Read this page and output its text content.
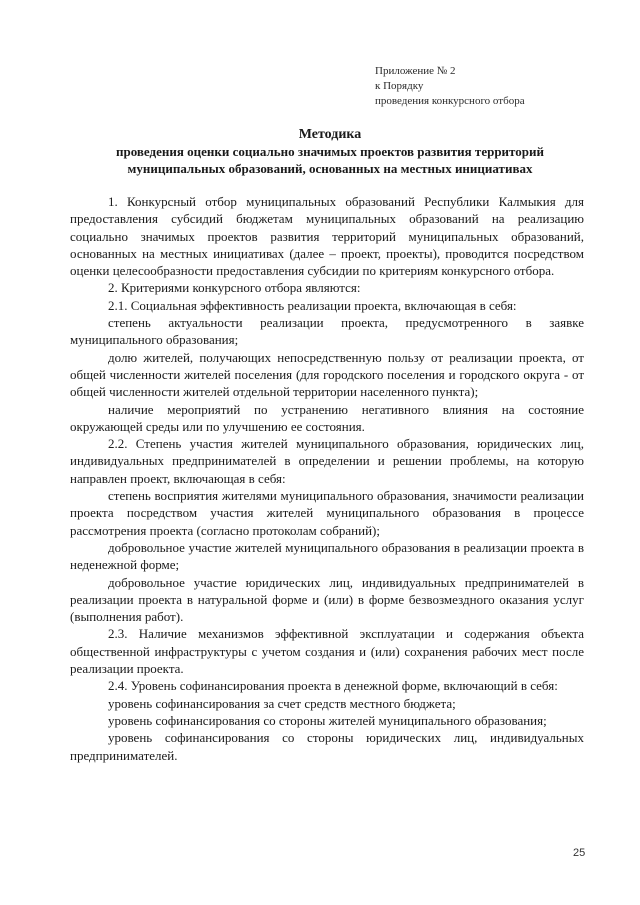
Приложение № 2
к Порядку
проведения конкурсного отбора
Методика
проведения оценки социально значимых проектов развития территорий
муниципальных образований, основанных на местных инициативах

1. Конкурсный отбор муниципальных образований Республики Калмыкия для предоставления субсидий бюджетам муниципальных образований на реализацию социально значимых проектов развития территорий муниципальных образований, основанных на местных инициативах (далее – проект, проекты), проводится посредством оценки целесообразности предоставления субсидии по критериям конкурсного отбора.

2. Критериями конкурсного отбора являются:

2.1. Социальная эффективность реализации проекта, включающая в себя:

степень актуальности реализации проекта, предусмотренного в заявке муниципального образования;

долю жителей, получающих непосредственную пользу от реализации проекта, от общей численности жителей поселения (для городского поселения и городского округа - от общей численности жителей отдельной территории населенного пункта);

наличие мероприятий по устранению негативного влияния на состояние окружающей среды или по улучшению ее состояния.

2.2. Степень участия жителей муниципального образования, юридических лиц, индивидуальных предпринимателей в определении и решении проблемы, на которую направлен проект, включающая в себя:

степень восприятия жителями муниципального образования, значимости реализации проекта посредством участия жителей муниципального образования в процессе рассмотрения проекта (согласно протоколам собраний);

добровольное участие жителей муниципального образования в реализации проекта в неденежной форме;

добровольное участие юридических лиц, индивидуальных предпринимателей в реализации проекта в натуральной форме и (или) в форме безвозмездного оказания услуг (выполнения работ).

2.3. Наличие механизмов эффективной эксплуатации и содержания объекта общественной инфраструктуры с учетом создания и (или) сохранения рабочих мест после реализации проекта.

2.4. Уровень софинансирования проекта в денежной форме, включающий в себя:

уровень софинансирования за счет средств местного бюджета;

уровень софинансирования со стороны жителей муниципального образования;

уровень софинансирования со стороны юридических лиц, индивидуальных предпринимателей.

25
